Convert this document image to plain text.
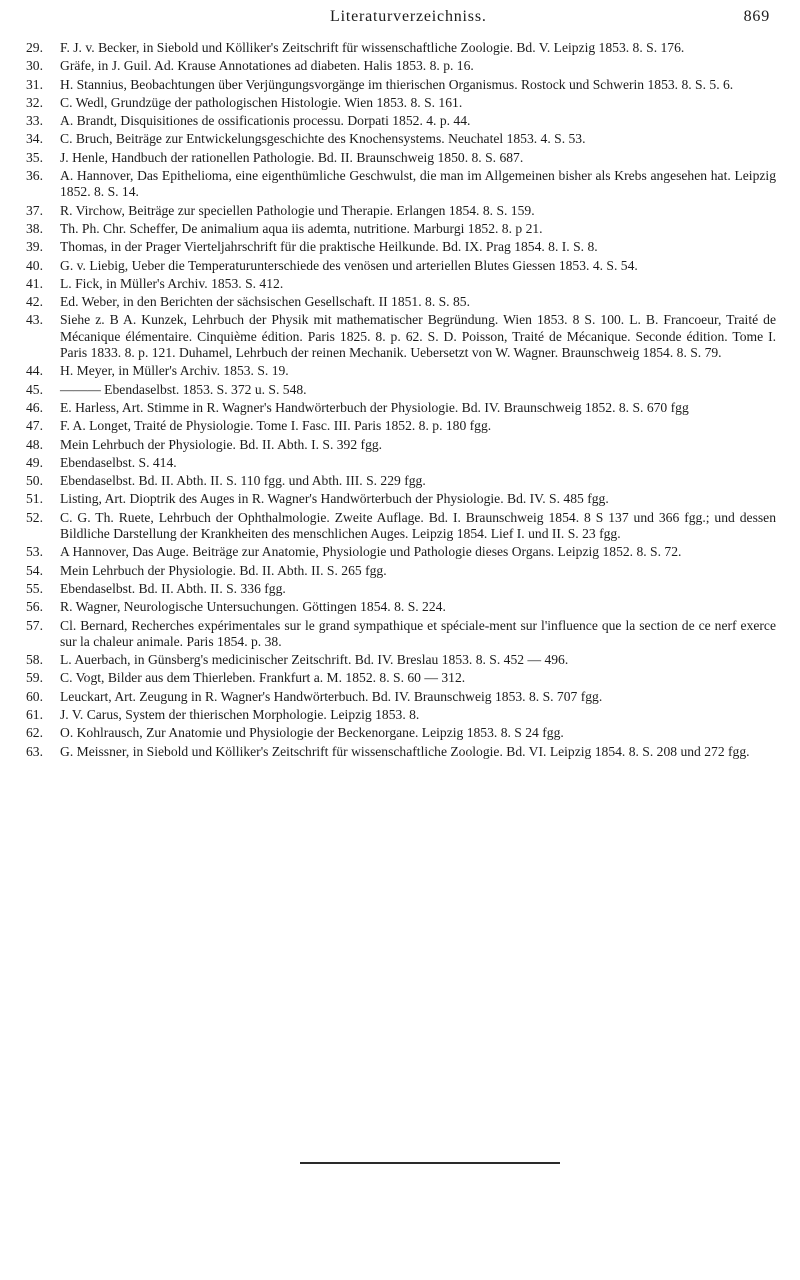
Literaturverzeichniss.	869
29.	F. J. v. Becker, in Siebold und Kölliker's Zeitschrift für wissenschaftliche Zoologie. Bd. V. Leipzig 1853. 8. S. 176.
30.	Gräfe, in J. Guil. Ad. Krause Annotationes ad diabeten. Halis 1853. 8. p. 16.
31.	H. Stannius, Beobachtungen über Verjüngungsvorgänge im thierischen Organismus. Rostock und Schwerin 1853. 8. S. 5. 6.
32.	C. Wedl, Grundzüge der pathologischen Histologie. Wien 1853. 8. S. 161.
33.	A. Brandt, Disquisitiones de ossificationis processu. Dorpati 1852. 4. p. 44.
34.	C. Bruch, Beiträge zur Entwickelungsgeschichte des Knochensystems. Neuchatel 1853. 4. S. 53.
35.	J. Henle, Handbuch der rationellen Pathologie. Bd. II. Braunschweig 1850. 8. S. 687.
36.	A. Hannover, Das Epithelioma, eine eigenthümliche Geschwulst, die man im Allgemeinen bisher als Krebs angesehen hat. Leipzig 1852. 8. S. 14.
37.	R. Virchow, Beiträge zur speciellen Pathologie und Therapie. Erlangen 1854. 8. S. 159.
38.	Th. Ph. Chr. Scheffer, De animalium aqua iis ademta, nutritione. Marburgi 1852. 8. p 21.
39.	Thomas, in der Prager Vierteljahrschrift für die praktische Heilkunde. Bd. IX. Prag 1854. 8. I. S. 8.
40.	G. v. Liebig, Ueber die Temperaturunterschiede des venösen und arteriellen Blutes Giessen 1853. 4. S. 54.
41.	L. Fick, in Müller's Archiv. 1853. S. 412.
42.	Ed. Weber, in den Berichten der sächsischen Gesellschaft. II 1851. 8. S. 85.
43.	Siehe z. B A. Kunzek, Lehrbuch der Physik mit mathematischer Begründung. Wien 1853. 8 S. 100. L. B. Francoeur, Traité de Mécanique élémentaire. Cinquième édition. Paris 1825. 8. p. 62. S. D. Poisson, Traité de Mécanique. Seconde édition. Tome I. Paris 1833. 8. p. 121. Duhamel, Lehrbuch der reinen Mechanik. Uebersetzt von W. Wagner. Braunschweig 1854. 8. S. 79.
44.	H. Meyer, in Müller's Archiv. 1853. S. 19.
45.	——— Ebendaselbst. 1853. S. 372 u. S. 548.
46.	E. Harless, Art. Stimme in R. Wagner's Handwörterbuch der Physiologie. Bd. IV. Braunschweig 1852. 8. S. 670 fgg
47.	F. A. Longet, Traité de Physiologie. Tome I. Fasc. III. Paris 1852. 8. p. 180 fgg.
48.	Mein Lehrbuch der Physiologie. Bd. II. Abth. I. S. 392 fgg.
49.	Ebendaselbst. S. 414.
50.	Ebendaselbst. Bd. II. Abth. II. S. 110 fgg. und Abth. III. S. 229 fgg.
51.	Listing, Art. Dioptrik des Auges in R. Wagner's Handwörterbuch der Physiologie. Bd. IV. S. 485 fgg.
52.	C. G. Th. Ruete, Lehrbuch der Ophthalmologie. Zweite Auflage. Bd. I. Braunschweig 1854. 8 S 137 und 366 fgg.; und dessen Bildliche Darstellung der Krankheiten des menschlichen Auges. Leipzig 1854. Lief I. und II. S. 23 fgg.
53.	A Hannover, Das Auge. Beiträge zur Anatomie, Physiologie und Pathologie dieses Organs. Leipzig 1852. 8. S. 72.
54.	Mein Lehrbuch der Physiologie. Bd. II. Abth. II. S. 265 fgg.
55.	Ebendaselbst. Bd. II. Abth. II. S. 336 fgg.
56.	R. Wagner, Neurologische Untersuchungen. Göttingen 1854. 8. S. 224.
57.	Cl. Bernard, Recherches expérimentales sur le grand sympathique et spéciale-ment sur l'influence que la section de ce nerf exerce sur la chaleur animale. Paris 1854. p. 38.
58.	L. Auerbach, in Günsberg's medicinischer Zeitschrift. Bd. IV. Breslau 1853. 8. S. 452 — 496.
59.	C. Vogt, Bilder aus dem Thierleben. Frankfurt a. M. 1852. 8. S. 60 — 312.
60.	Leuckart, Art. Zeugung in R. Wagner's Handwörterbuch. Bd. IV. Braunschweig 1853. 8. S. 707 fgg.
61.	J. V. Carus, System der thierischen Morphologie. Leipzig 1853. 8.
62.	O. Kohlrausch, Zur Anatomie und Physiologie der Beckenorgane. Leipzig 1853. 8. S 24 fgg.
63.	G. Meissner, in Siebold und Kölliker's Zeitschrift für wissenschaftliche Zoologie. Bd. VI. Leipzig 1854. 8. S. 208 und 272 fgg.
